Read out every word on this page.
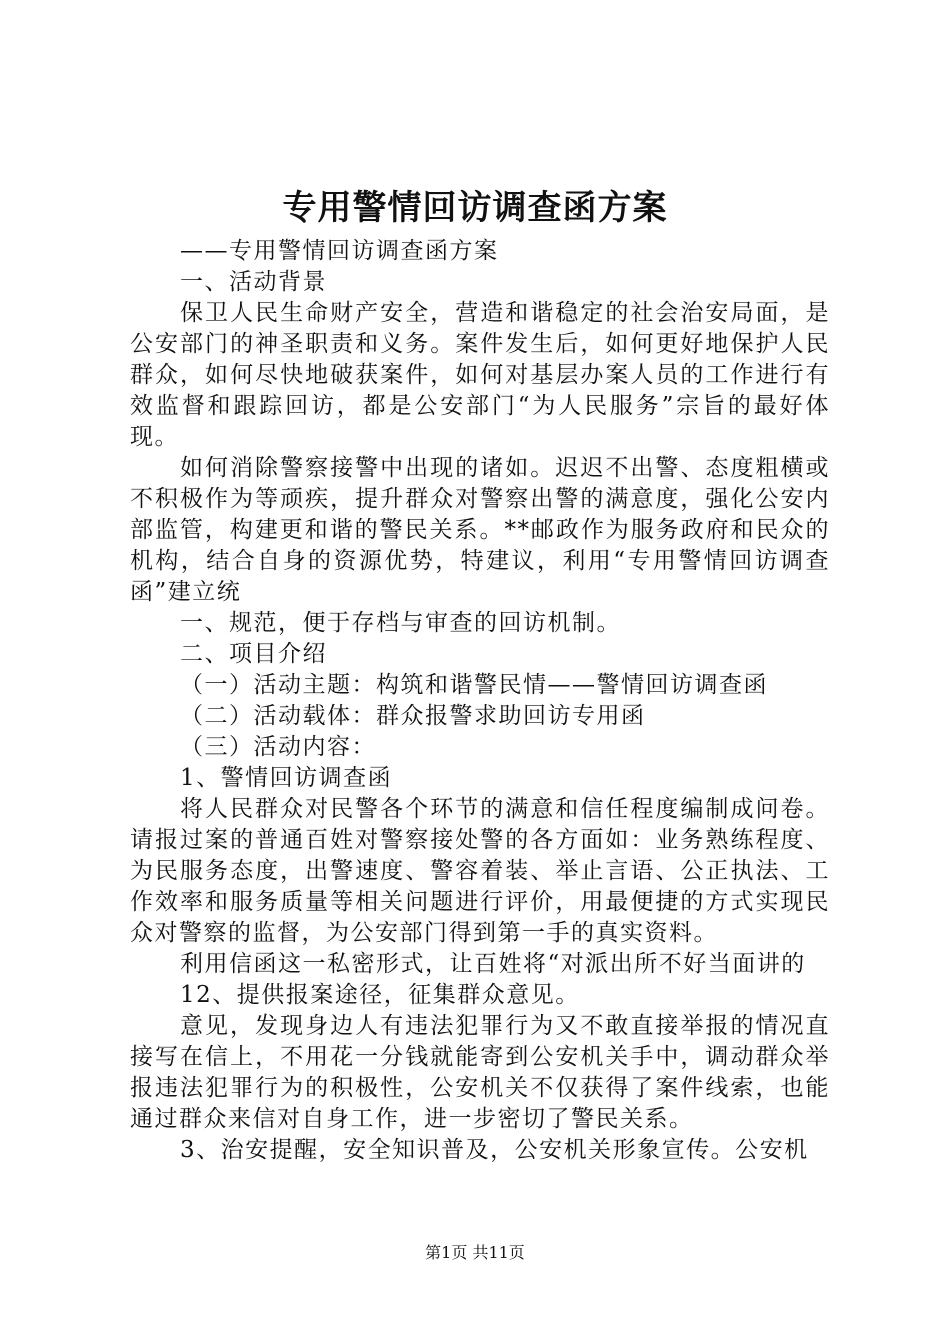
专用警情回访调查函方案

——专用警情回访调查函方案

一、活动背景

保卫人民生命财产安全，营造和谐稳定的社会治安局面，是公安部门的神圣职责和义务。案件发生后，如何更好地保护人民群众，如何尽快地破获案件，如何对基层办案人员的工作进行有效监督和跟踪回访，都是公安部门“为人民服务”宗旨的最好体现。

如何消除警察接警中出现的诸如。迟迟不出警、态度粗横或不积极作为等顽疾，提升群众对警察出警的满意度，强化公安内部监管，构建更和谐的警民关系。**邮政作为服务政府和民众的机构，结合自身的资源优势，特建议，利用“专用警情回访调查函”建立统

一、规范，便于存档与审查的回访机制。

二、项目介绍

（一）活动主题：构筑和谐警民情——警情回访调查函

（二）活动载体：群众报警求助回访专用函

（三）活动内容：

1、警情回访调查函

将人民群众对民警各个环节的满意和信任程度编制成问卷。请报过案的普通百姓对警察接处警的各方面如：业务熟练程度、为民服务态度，出警速度、警容着装、举止言语、公正执法、工作效率和服务质量等相关问题进行评价，用最便捷的方式实现民众对警察的监督，为公安部门得到第一手的真实资料。

利用信函这一私密形式，让百姓将“对派出所不好当面讲的

12、提供报案途径，征集群众意见。

意见，发现身边人有违法犯罪行为又不敢直接举报的情况直接写在信上，不用花一分钱就能寄到公安机关手中，调动群众举报违法犯罪行为的积极性，公安机关不仅获得了案件线索，也能通过群众来信对自身工作，进一步密切了警民关系。

3、治安提醒，安全知识普及，公安机关形象宣传。公安机

第1页 共11页
